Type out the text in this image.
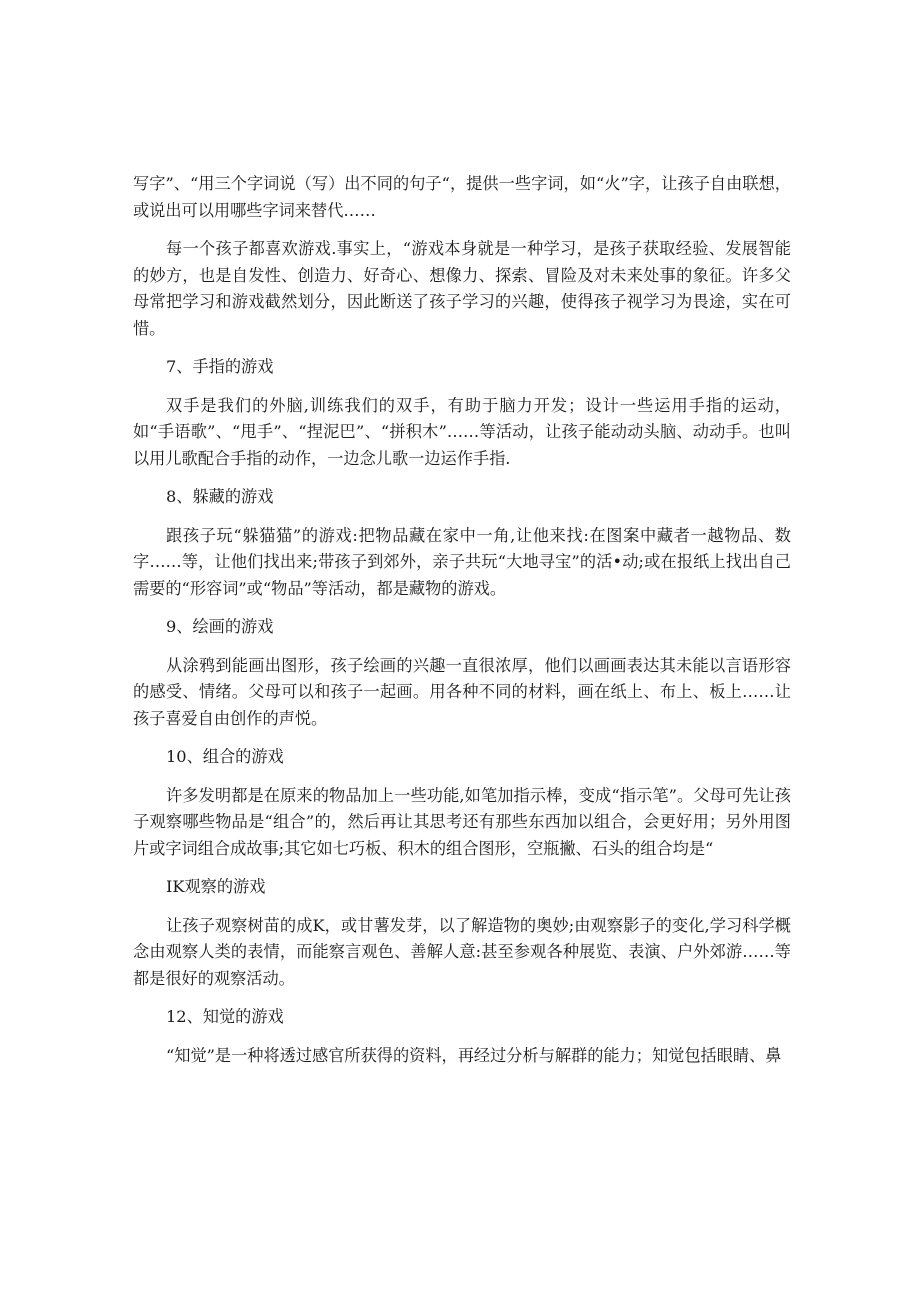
写字”、“用三个字词说（写）出不同的句子“，提供一些字词，如“火”字，让孩子自由联想，或说出可以用哪些字词来替代……

每一个孩子都喜欢游戏.事实上，“游戏本身就是一种学习，是孩子获取经验、发展智能的妙方，也是自发性、创造力、好奇心、想像力、探索、冒险及对未来处事的象征。许多父母常把学习和游戏截然划分，因此断送了孩子学习的兴趣，使得孩子视学习为畏途，实在可惜。

7、手指的游戏

双手是我们的外脑,训练我们的双手，有助于脑力开发；设计一些运用手指的运动，如“手语歌”、“甩手”、“捏泥巴”、“拼积木”……等活动，让孩子能动动头脑、动动手。也叫以用儿歌配合手指的动作，一边念儿歌一边运作手指.

8、躲藏的游戏

跟孩子玩“躲猫猫”的游戏:把物品藏在家中一角,让他来找:在图案中藏者一越物品、数字……等，让他们找出来;带孩子到郊外，亲子共玩“大地寻宝”的活•动;或在报纸上找出自己需要的“形容词”或“物品”等活动，都是藏物的游戏。

9、绘画的游戏

从涂鸦到能画出图形，孩子绘画的兴趣一直很浓厚，他们以画画表达其未能以言语形容的感受、情绪。父母可以和孩子一起画。用各种不同的材料，画在纸上、布上、板上……让孩子喜爱自由创作的声悦。

10、组合的游戏

许多发明都是在原来的物品加上一些功能,如笔加指示棒，变成“指示笔”。父母可先让孩子观察哪些物品是“组合”的，然后再让其思考还有那些东西加以组合，会更好用；另外用图片或字词组合成故事;其它如七巧板、积木的组合图形，空瓶撇、石头的组合均是“

IK观察的游戏

让孩子观察树苗的成K，或甘薯发芽，以了解造物的奥妙;由观察影子的变化,学习科学概念由观察人类的表情，而能察言观色、善解人意:甚至参观各种展览、表演、户外郊游……等都是很好的观察活动。

12、知觉的游戏

“知觉”是一种将透过感官所获得的资料，再经过分析与解群的能力；知觉包括眼睛、鼻
